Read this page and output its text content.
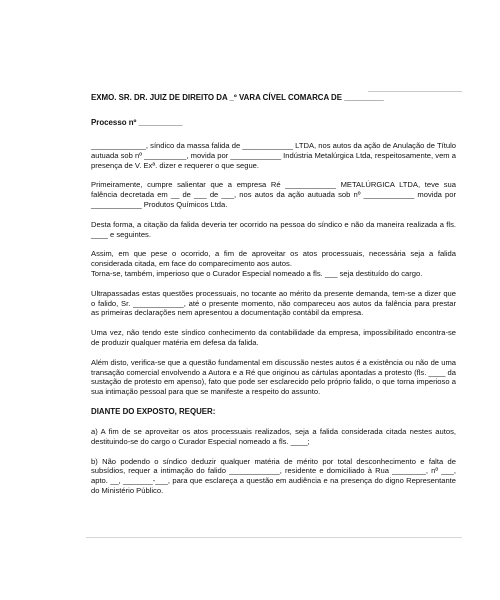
EXMO. SR. DR. JUIZ DE DIREITO DA _º VARA CÍVEL COMARCA DE _________
Processo nº __________

_____________, síndico da massa falida de ____________ LTDA, nos autos da ação de Anulação de Título autuada sob nº __________, movida por ____________ Indústria Metalúrgica Ltda, respeitosamente, vem a presença de V. Exª. dizer e requerer o que segue.

Primeiramente, cumpre salientar que a empresa Ré ____________ METALÚRGICA LTDA, teve sua falência decretada em __ de ___ de ___, nos autos da ação autuada sob nº ____________ movida por ____________ Produtos Químicos Ltda.

Desta forma, a citação da falida deveria ter ocorrido na pessoa do síndico e não da maneira realizada a fls. ____ e seguintes.

Assim, em que pese o ocorrido, a fim de aproveitar os atos processuais, necessária seja a falida considerada citada, em face do comparecimento aos autos.

Torna-se, também, imperioso que o Curador Especial nomeado a fls. ___ seja destituído do cargo.

Ultrapassadas estas questões processuais, no tocante ao mérito da presente demanda, tem-se a dizer que o falido, Sr. ____________, até o presente momento, não compareceu aos autos da falência para prestar as primeiras declarações nem apresentou a documentação contábil da empresa.

Uma vez, não tendo este síndico conhecimento da contabilidade da empresa, impossibilitado encontra-se de produzir qualquer matéria em defesa da falida.

Além disto, verifica-se que a questão fundamental em discussão nestes autos é a existência ou não de uma transação comercial envolvendo a Autora e a Ré que originou as cártulas apontadas a protesto (fls. ____ da sustação de protesto em apenso), fato que pode ser esclarecido pelo próprio falido, o que torna imperioso a sua intimação pessoal para que se manifeste a respeito do assunto.

DIANTE DO EXPOSTO, REQUER:

a) A fim de se aproveitar os atos processuais realizados, seja a falida considerada citada nestes autos, destituindo-se do cargo o Curador Especial nomeado a fls. ____;

b) Não podendo o síndico deduzir qualquer matéria de mérito por total desconhecimento e falta de subsídios, requer a intimação do falido ____________, residente e domiciliado à Rua ________, nº ___, apto. __, _______-___, para que esclareça a questão em audiência e na presença do digno Representante do Ministério Público.
